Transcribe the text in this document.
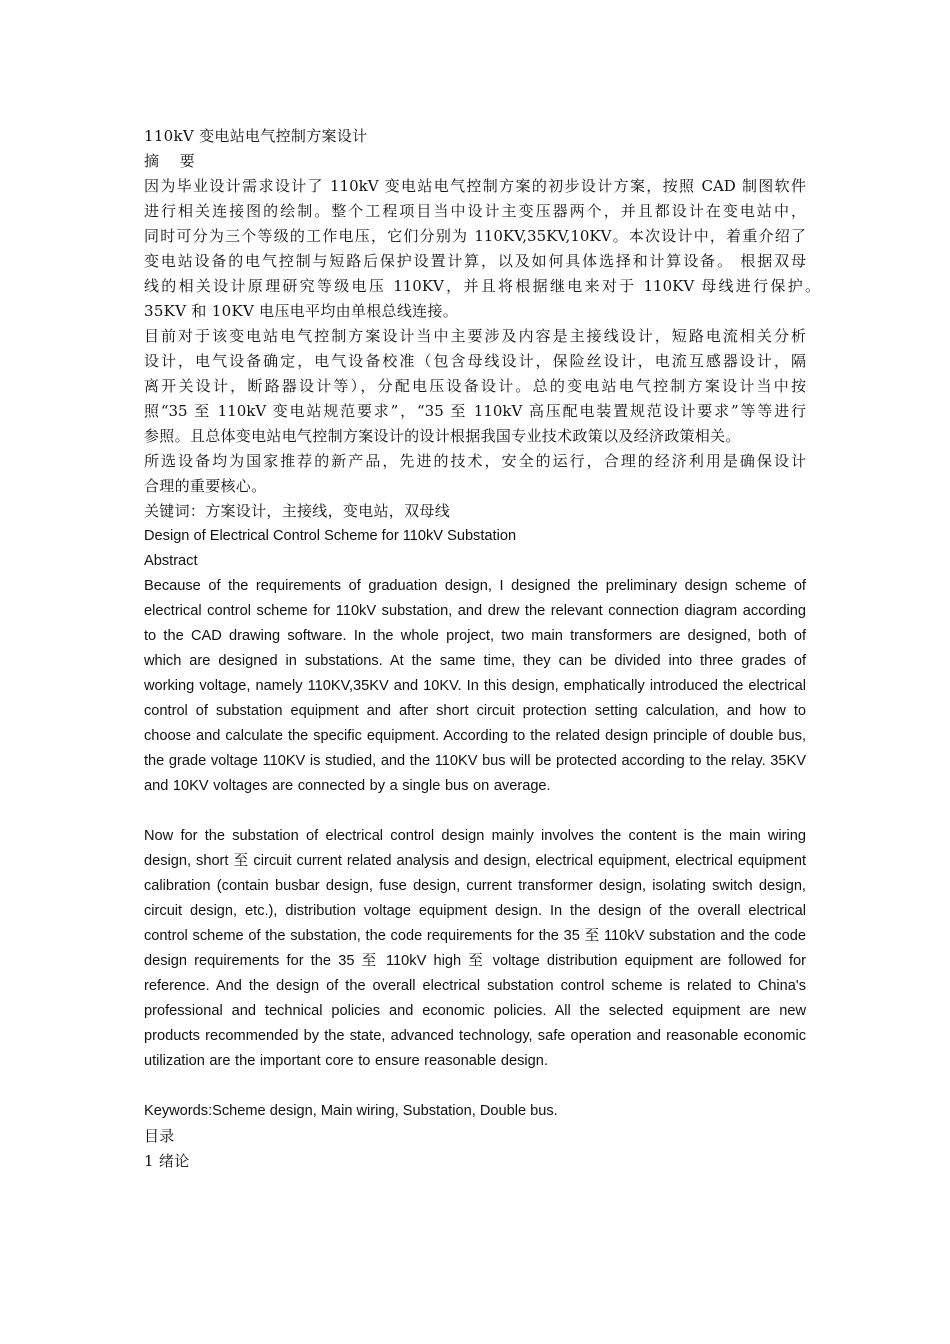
110kV 变电站电气控制方案设计
摘    要
因为毕业设计需求设计了 110kV 变电站电气控制方案的初步设计方案，按照 CAD 制图软件
进行相关连接图的绘制。整个工程项目当中设计主变压器两个，并且都设计在变电站中，
同时可分为三个等级的工作电压，它们分别为 110KV,35KV,10KV。本次设计中，着重介绍了
变电站设备的电气控制与短路后保护设置计算，以及如何具体选择和计算设备。 根据双母
线的相关设计原理研究等级电压 110KV，并且将根据继电来对于 110KV 母线进行保护。
35KV 和 10KV 电压电平均由单根总线连接。
目前对于该变电站电气控制方案设计当中主要涉及内容是主接线设计，短路电流相关分析
设计，电气设备确定，电气设备校准（包含母线设计，保险丝设计，电流互感器设计，隔
离开关设计，断路器设计等），分配电压设备设计。总的变电站电气控制方案设计当中按
照“35 至 110kV 变电站规范要求”，“35 至 110kV 高压配电装置规范设计要求”等等进行
参照。且总体变电站电气控制方案设计的设计根据我国专业技术政策以及经济政策相关。
所选设备均为国家推荐的新产品，先进的技术，安全的运行，合理的经济利用是确保设计
合理的重要核心。
关键词：方案设计，主接线，变电站，双母线
Design of Electrical Control Scheme for 110kV Substation
Abstract
Because of the requirements of graduation design, I designed the preliminary design scheme of electrical control scheme for 110kV substation, and drew the relevant connection diagram according to the CAD drawing software. In the whole project, two main transformers are designed, both of which are designed in substations. At the same time, they can be divided into three grades of working voltage, namely 110KV,35KV and 10KV. In this design, emphatically introduced the electrical control of substation equipment and after short circuit protection setting calculation, and how to choose and calculate the specific equipment. According to the related design principle of double bus, the grade voltage 110KV is studied, and the 110KV bus will be protected according to the relay. 35KV and 10KV voltages are connected by a single bus on average.
Now for the substation of electrical control design mainly involves the content is the main wiring design, short 至 circuit current related analysis and design, electrical equipment, electrical equipment calibration (contain busbar design, fuse design, current transformer design, isolating switch design, circuit design, etc.), distribution voltage equipment design. In the design of the overall electrical control scheme of the substation, the code requirements for the 35 至 110kV substation and the code design requirements for the 35 至 110kV high 至 voltage distribution equipment are followed for reference. And the design of the overall electrical substation control scheme is related to China's professional and technical policies and economic policies. All the selected equipment are new products recommended by the state, advanced technology, safe operation and reasonable economic utilization are the important core to ensure reasonable design.
Keywords:Scheme design, Main wiring, Substation, Double bus.
目录
1 绪论
